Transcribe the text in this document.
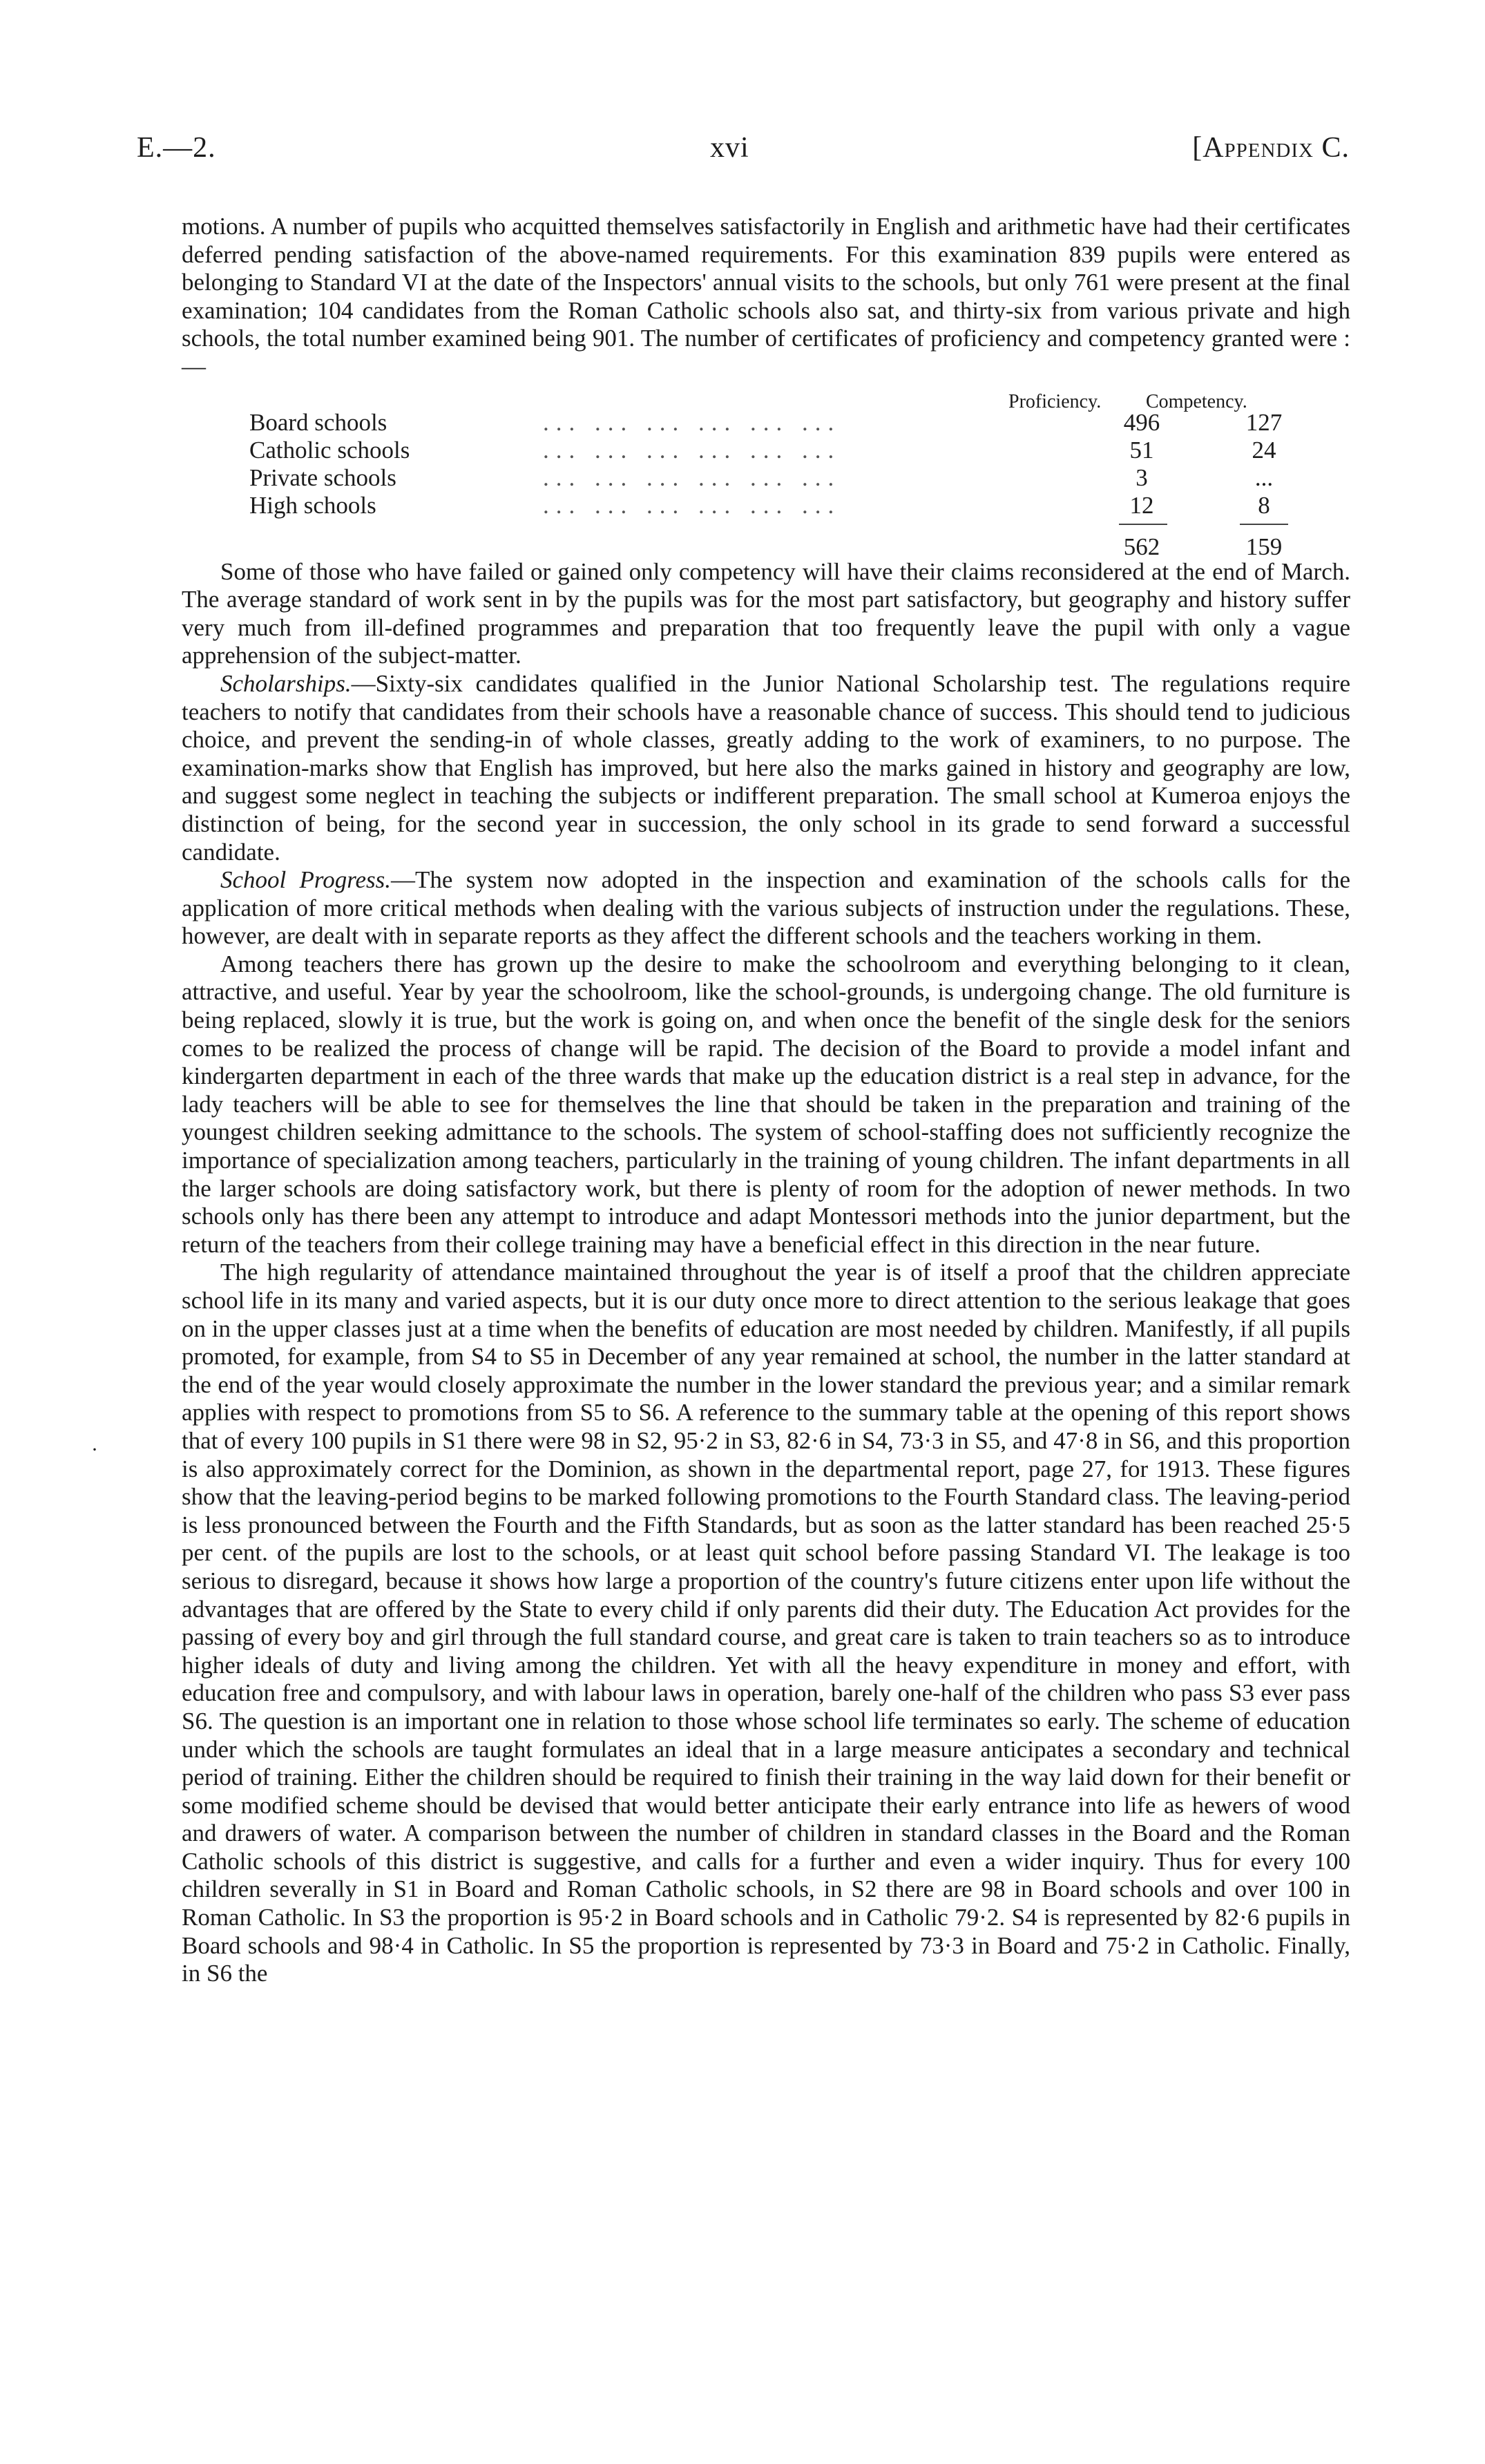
E.—2.	xvi	[Appendix C.
·

motions. A number of pupils who acquitted themselves satisfactorily in English and arithmetic have had their certificates deferred pending satisfaction of the above-named requirements. For this examination 839 pupils were entered as belonging to Standard VI at the date of the Inspectors' annual visits to the schools, but only 761 were present at the final examination; 104 candidates from the Roman Catholic schools also sat, and thirty-six from various private and high schools, the total number examined being 901. The number of certificates of proficiency and competency granted were :—

Proficiency. Competency.
Board schools	... ... ... ... ... ...	496	127
Catholic schools	... ... ... ... ... ...	51	24
Private schools	... ... ... ... ... ...	3	...
High schools	... ... ... ... ... ...	12	8
562	159

Some of those who have failed or gained only competency will have their claims reconsidered at the end of March. The average standard of work sent in by the pupils was for the most part satisfactory, but geography and history suffer very much from ill-defined programmes and preparation that too frequently leave the pupil with only a vague apprehension of the subject-matter.

Scholarships.—Sixty-six candidates qualified in the Junior National Scholarship test. The regulations require teachers to notify that candidates from their schools have a reasonable chance of success. This should tend to judicious choice, and prevent the sending-in of whole classes, greatly adding to the work of examiners, to no purpose. The examination-marks show that English has improved, but here also the marks gained in history and geography are low, and suggest some neglect in teaching the subjects or indifferent preparation. The small school at Kumeroa enjoys the distinction of being, for the second year in succession, the only school in its grade to send forward a successful candidate.

School Progress.—The system now adopted in the inspection and examination of the schools calls for the application of more critical methods when dealing with the various subjects of instruction under the regulations. These, however, are dealt with in separate reports as they affect the different schools and the teachers working in them.

Among teachers there has grown up the desire to make the schoolroom and everything belonging to it clean, attractive, and useful. Year by year the schoolroom, like the school-grounds, is undergoing change. The old furniture is being replaced, slowly it is true, but the work is going on, and when once the benefit of the single desk for the seniors comes to be realized the process of change will be rapid. The decision of the Board to provide a model infant and kindergarten department in each of the three wards that make up the education district is a real step in advance, for the lady teachers will be able to see for themselves the line that should be taken in the preparation and training of the youngest children seeking admittance to the schools. The system of school-staffing does not sufficiently recognize the importance of specialization among teachers, particularly in the training of young children. The infant departments in all the larger schools are doing satisfactory work, but there is plenty of room for the adoption of newer methods. In two schools only has there been any attempt to introduce and adapt Montessori methods into the junior department, but the return of the teachers from their college training may have a beneficial effect in this direction in the near future.

The high regularity of attendance maintained throughout the year is of itself a proof that the children appreciate school life in its many and varied aspects, but it is our duty once more to direct attention to the serious leakage that goes on in the upper classes just at a time when the benefits of education are most needed by children. Manifestly, if all pupils promoted, for example, from S4 to S5 in December of any year remained at school, the number in the latter standard at the end of the year would closely approximate the number in the lower standard the previous year; and a similar remark applies with respect to promotions from S5 to S6. A reference to the summary table at the opening of this report shows that of every 100 pupils in S1 there were 98 in S2, 95·2 in S3, 82·6 in S4, 73·3 in S5, and 47·8 in S6, and this proportion is also approximately correct for the Dominion, as shown in the departmental report, page 27, for 1913. These figures show that the leaving-period begins to be marked following promotions to the Fourth Standard class. The leaving-period is less pronounced between the Fourth and the Fifth Standards, but as soon as the latter standard has been reached 25·5 per cent. of the pupils are lost to the schools, or at least quit school before passing Standard VI. The leakage is too serious to disregard, because it shows how large a proportion of the country's future citizens enter upon life without the advantages that are offered by the State to every child if only parents did their duty. The Education Act provides for the passing of every boy and girl through the full standard course, and great care is taken to train teachers so as to introduce higher ideals of duty and living among the children. Yet with all the heavy expenditure in money and effort, with education free and compulsory, and with labour laws in operation, barely one-half of the children who pass S3 ever pass S6. The question is an important one in relation to those whose school life terminates so early. The scheme of education under which the schools are taught formulates an ideal that in a large measure anticipates a secondary and technical period of training. Either the children should be required to finish their training in the way laid down for their benefit or some modified scheme should be devised that would better anticipate their early entrance into life as hewers of wood and drawers of water. A comparison between the number of children in standard classes in the Board and the Roman Catholic schools of this district is suggestive, and calls for a further and even a wider inquiry. Thus for every 100 children severally in S1 in Board and Roman Catholic schools, in S2 there are 98 in Board schools and over 100 in Roman Catholic. In S3 the proportion is 95·2 in Board schools and in Catholic 79·2. S4 is represented by 82·6 pupils in Board schools and 98·4 in Catholic. In S5 the proportion is represented by 73·3 in Board and 75·2 in Catholic. Finally, in S6 the
